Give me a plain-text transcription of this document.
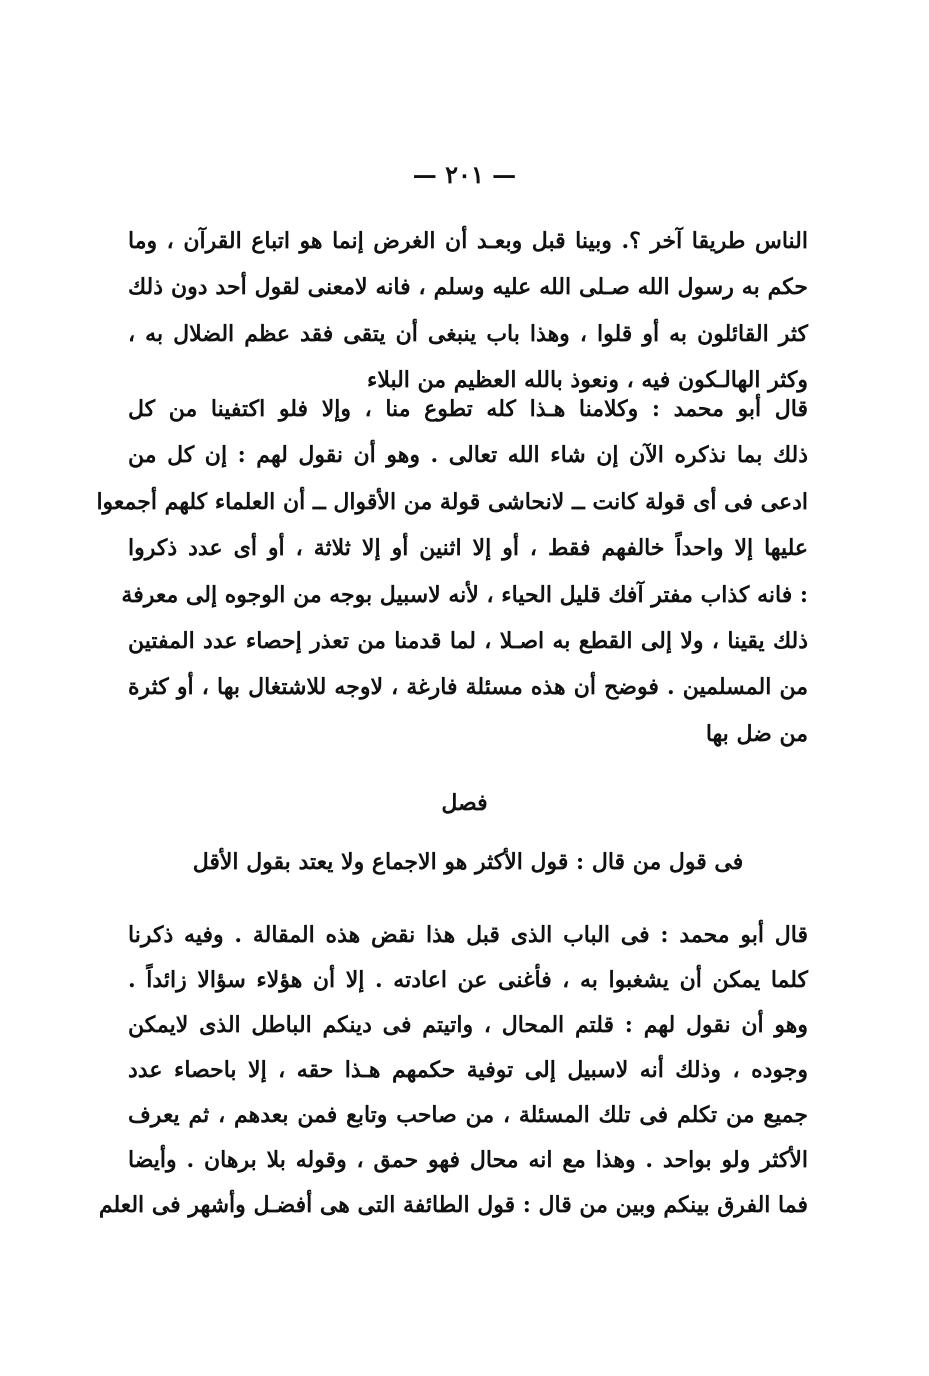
— ٢٠١ —
الناس طريقا آخر ؟. وبينا قبل وبعـد أن الغرض إنما هو اتباع القرآن ، وما
حكم به رسول الله صـلى الله عليه وسلم ، فانه لامعنى لقول أحد دون ذلك
كثر القائلون به أو قلوا ، وهذا باب ينبغى أن يتقى فقد عظم الضلال به ،
وكثر الهالـكون فيه ، ونعوذ بالله العظيم من البلاء
قال أبو محمد : وكلامنا هـذا كله تطوع منا ، وإلا فلو اكتفينا من كل
ذلك بما نذكره الآن إن شاء الله تعالى . وهو أن نقول لهم : إن كل من
ادعى فى أى قولة كانت ــ لانحاشى قولة من الأقوال ــ أن العلماء كلهم أجمعوا
عليها إلا واحداً خالفهم فقط ، أو إلا اثنين أو إلا ثلاثة ، أو أى عدد ذكروا
: فانه كذاب مفتر آفك قليل الحياء ، لأنه لاسبيل بوجه من الوجوه إلى معرفة
ذلك يقينا ، ولا إلى القطع به اصـلا ، لما قدمنا من تعذر إحصاء عدد المفتين
من المسلمين . فوضح أن هذه مسئلة فارغة ، لاوجه للاشتغال بها ، أو كثرة
من ضل بها
فصل
فى قول من قال : قول الأكثر هو الاجماع ولا يعتد بقول الأقل
قال أبو محمد : فى الباب الذى قبل هذا نقض هذه المقالة . وفيه ذكرنا
كلما يمكن أن يشغبوا به ، فأغنى عن اعادته . إلا أن هؤلاء سؤالا زائداً .
وهو أن نقول لهم : قلتم المحال ، واتيتم فى دينكم الباطل الذى لايمكن
وجوده ، وذلك أنه لاسبيل إلى توفية حكمهم هـذا حقه ، إلا باحصاء عدد
جميع من تكلم فى تلك المسئلة ، من صاحب وتابع فمن بعدهم ، ثم يعرف
الأكثر ولو بواحد . وهذا مع انه محال فهو حمق ، وقوله بلا برهان . وأيضا
فما الفرق بينكم وبين من قال : قول الطائفة التى هى أفضـل وأشهر فى العلم
